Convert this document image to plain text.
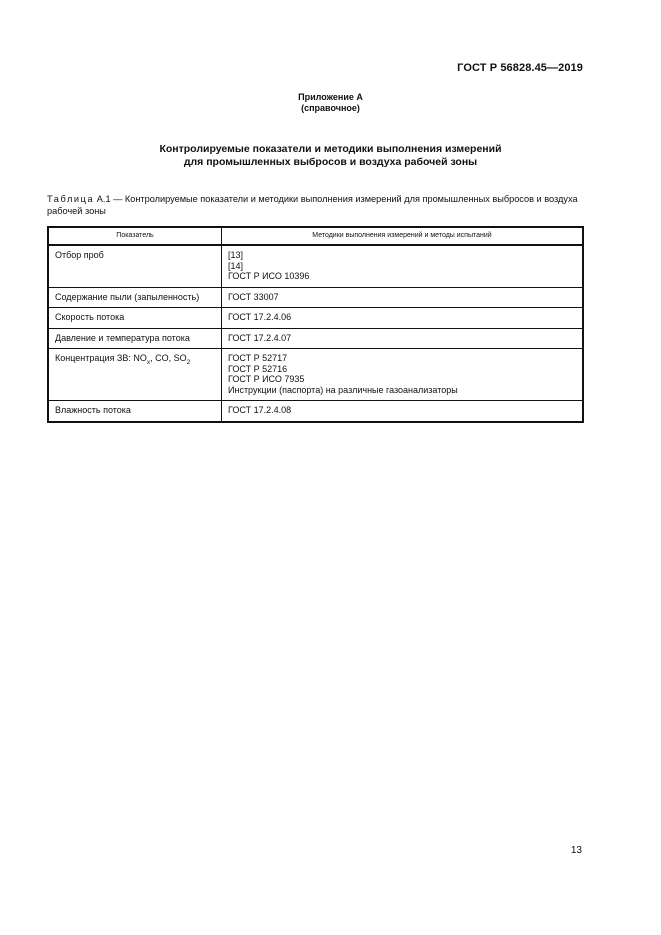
ГОСТ Р 56828.45—2019
Приложение А
(справочное)
Контролируемые показатели и методики выполнения измерений
для промышленных выбросов и воздуха рабочей зоны
Таблица А.1 — Контролируемые показатели и методики выполнения измерений для промышленных выбросов и воздуха рабочей зоны
Показатель	Методики выполнения измерений и методы испытаний
Отбор проб	[13]
[14]
ГОСТ Р ИСО 10396

Содержание пыли (запыленность)	ГОСТ 33007

Скорость потока	ГОСТ 17.2.4.06

Давление и температура потока	ГОСТ 17.2.4.07

Концентрация ЗВ: $NO_x$, CO, $SO_2$	ГОСТ Р 52717
ГОСТ Р 52716
ГОСТ Р ИСО 7935
Инструкции (паспорта) на различные газоанализаторы

Влажность потока	ГОСТ 17.2.4.08
13
